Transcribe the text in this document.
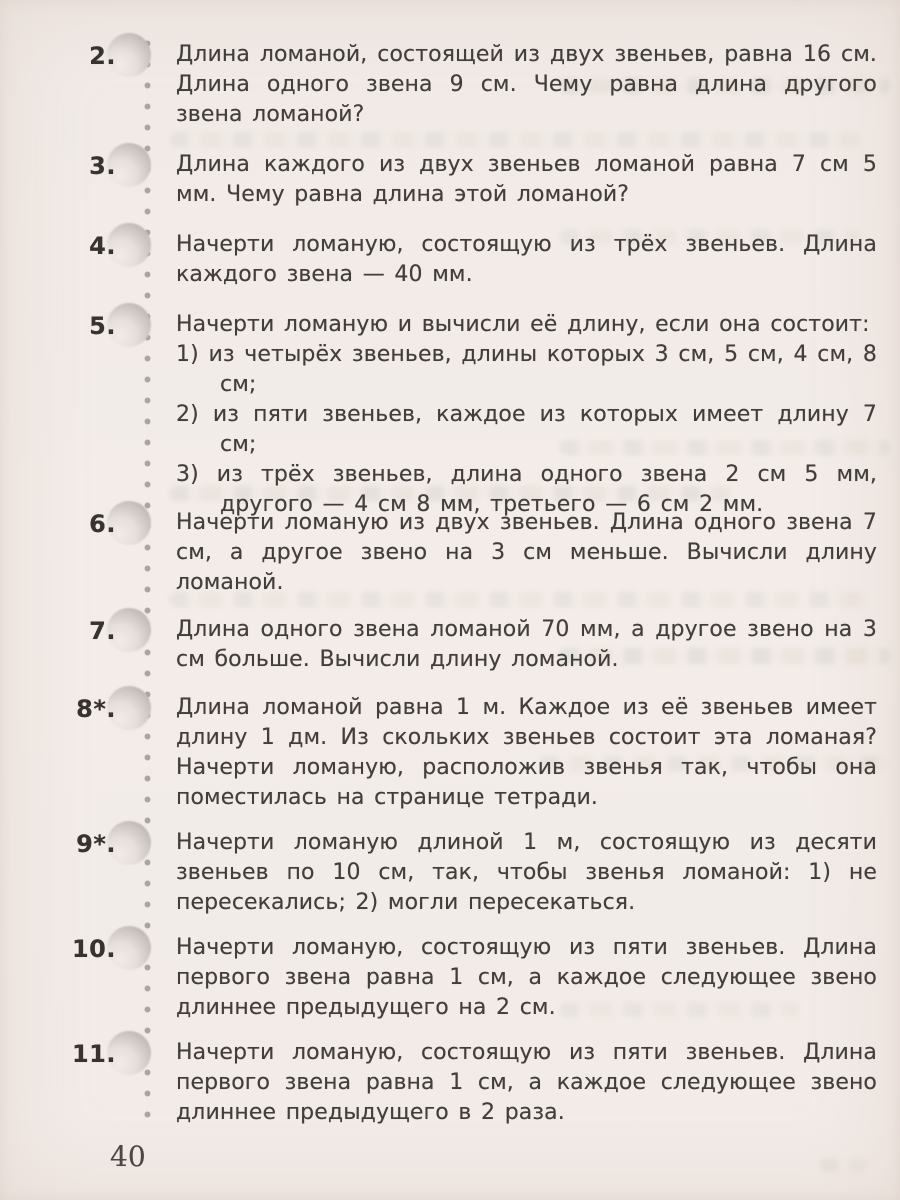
2.	Длина ломаной, состоящей из двух звеньев, равна 16 см. Длина одного звена 9 см. Чему равна длина другого звена ломаной?

3.	Длина каждого из двух звеньев ломаной равна 7 см 5 мм. Чему равна длина этой ломаной?

4.	Начерти ломаную, состоящую из трёх звеньев. Длина каждого звена — 40 мм.

5.	Начерти ломаную и вычисли её длину, если она состоит:

1) из четырёх звеньев, длины которых 3 см, 5 см, 4 см, 8 см;

2) из пяти звеньев, каждое из которых имеет длину 7 см;

3) из трёх звеньев, длина одного звена 2 см 5 мм, другого — 4 см 8 мм, третьего — 6 см 2 мм.

6.	Начерти ломаную из двух звеньев. Длина одного звена 7 см, а другое звено на 3 см меньше. Вычисли длину ломаной.

7.	Длина одного звена ломаной 70 мм, а другое звено на 3 см больше. Вычисли длину ломаной.

8*.	Длина ломаной равна 1 м. Каждое из её звеньев имеет длину 1 дм. Из скольких звеньев состоит эта ломаная? Начерти ломаную, расположив звенья так, чтобы она поместилась на странице тетради.

9*.	Начерти ломаную длиной 1 м, состоящую из десяти звеньев по 10 см, так, чтобы звенья ломаной: 1) не пересекались; 2) могли пересекаться.

10.	Начерти ломаную, состоящую из пяти звеньев. Длина первого звена равна 1 см, а каждое следующее звено длиннее предыдущего на 2 см.

11.	Начерти ломаную, состоящую из пяти звеньев. Длина первого звена равна 1 см, а каждое следующее звено длиннее предыдущего в 2 раза.

40
